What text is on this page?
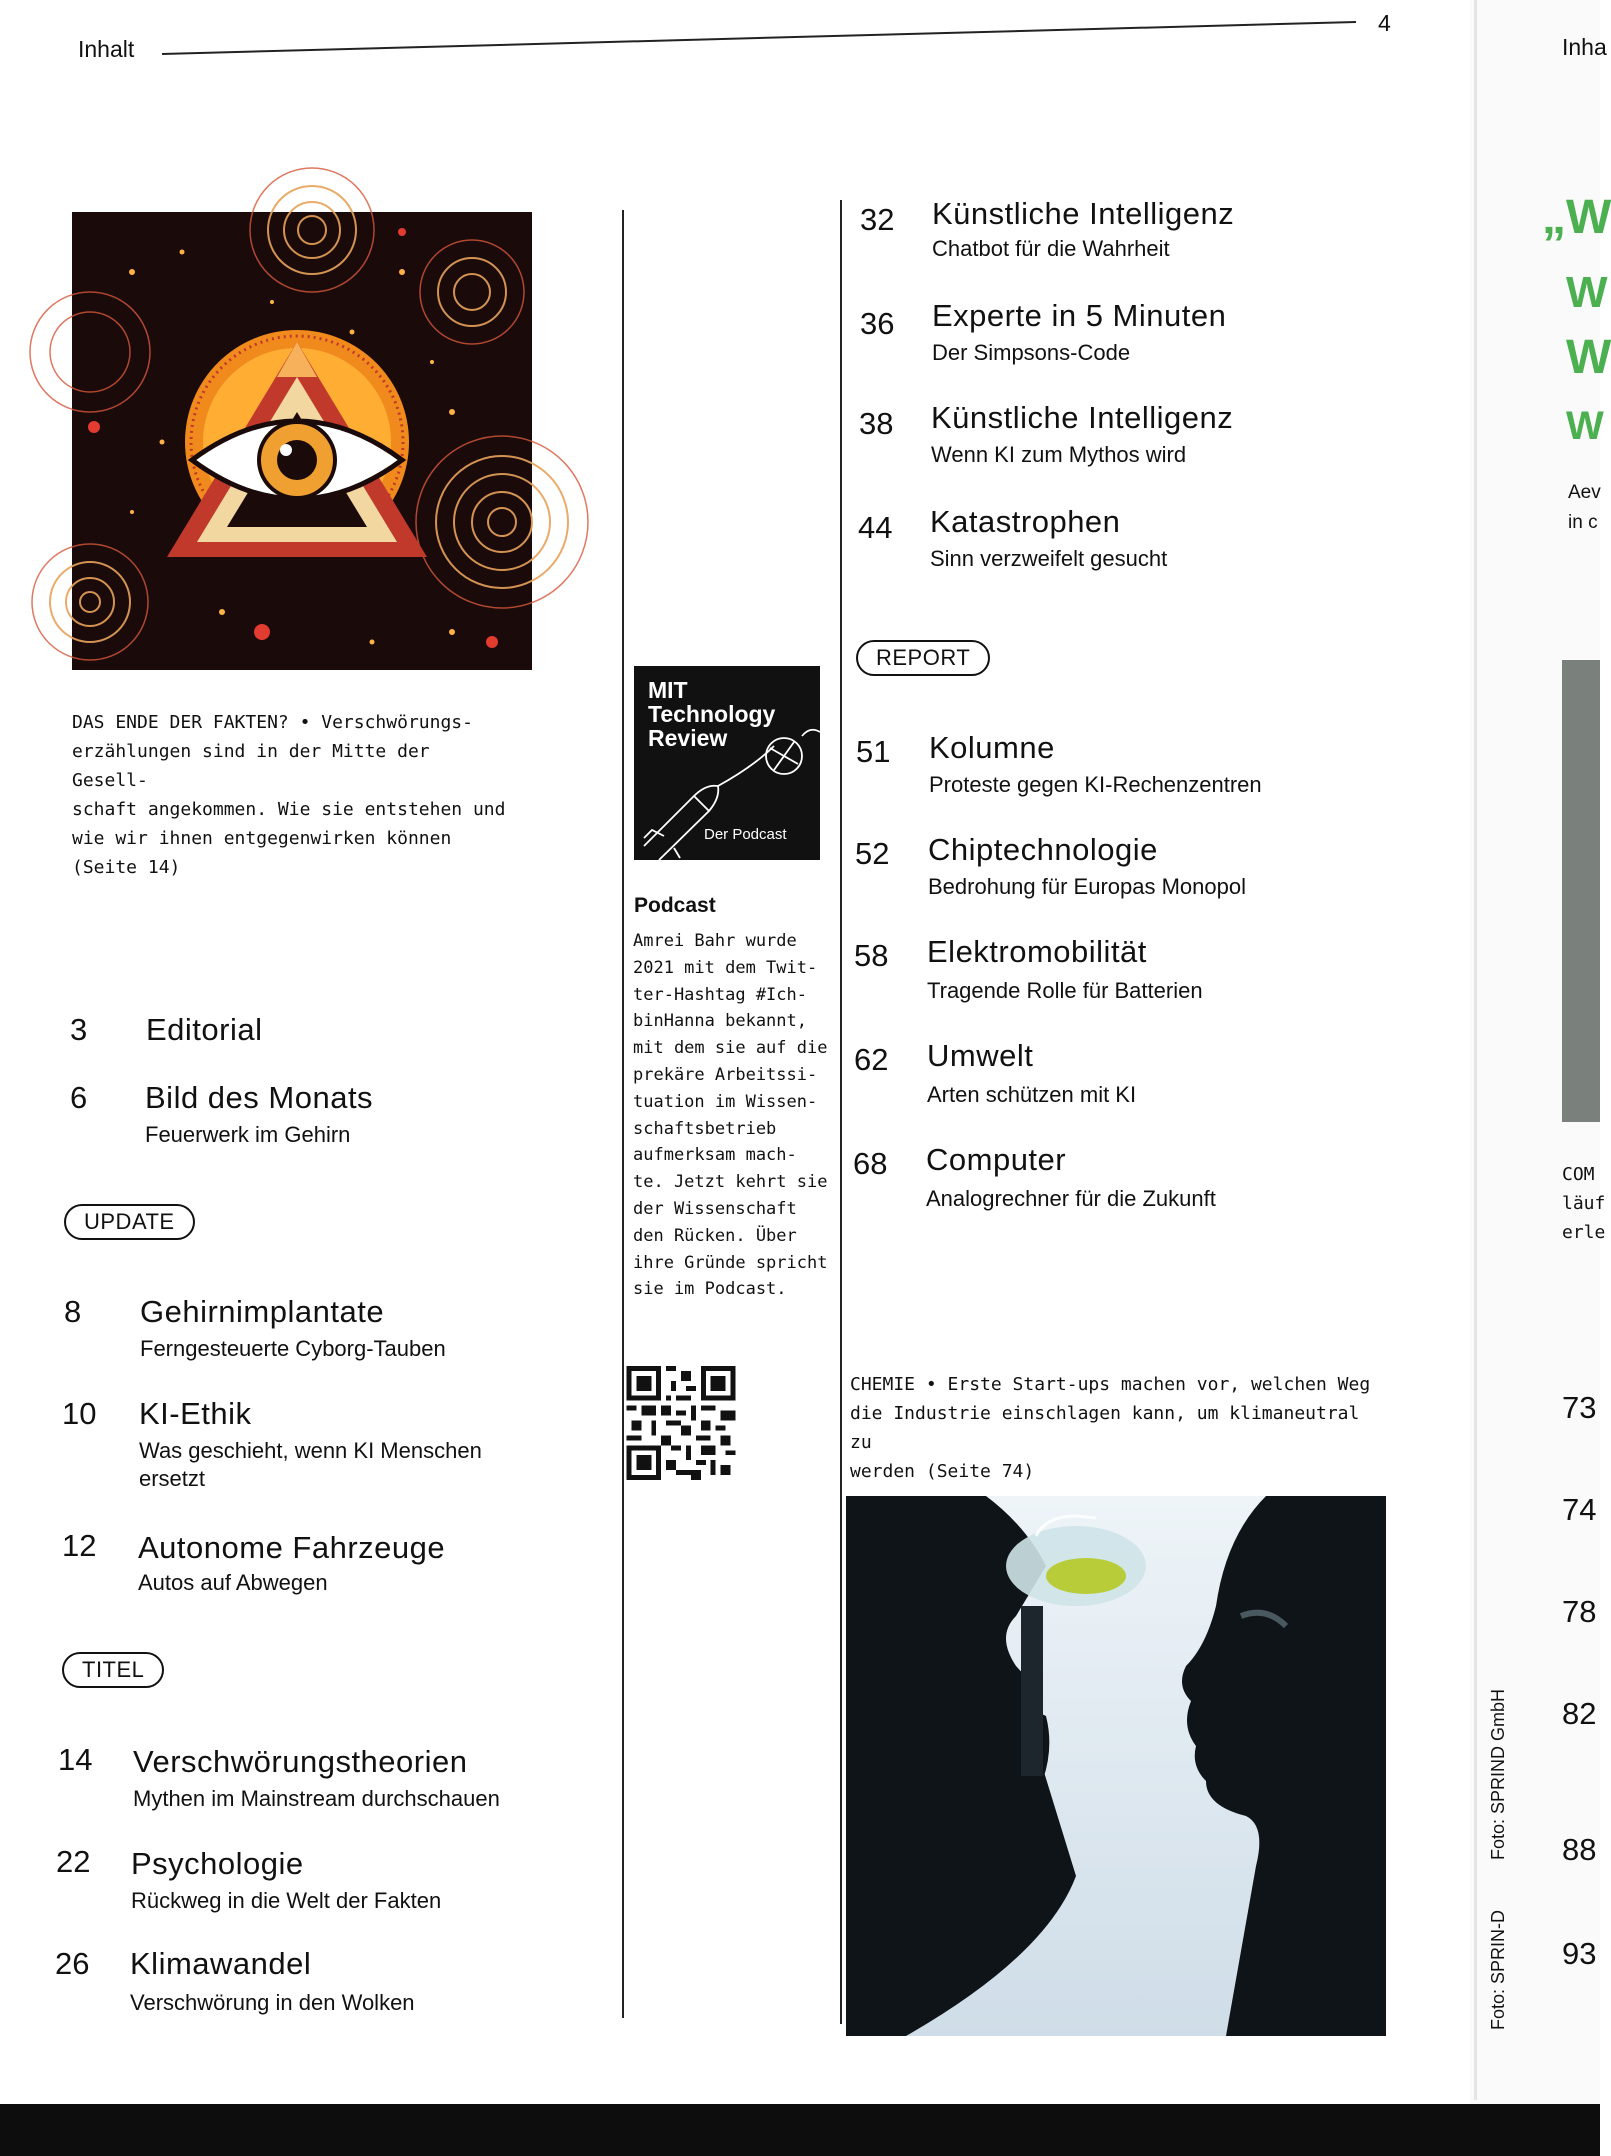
Inhalt
4
Inha
DAS ENDE DER FAKTEN? • Verschwörungs-
erzählungen sind in der Mitte der Gesell-
schaft angekommen. Wie sie entstehen und
wie wir ihnen entgegenwirken können
(Seite 14)
3 Editorial
6 Bild des Monats
Feuerwerk im Gehirn
UPDATE
8 Gehirnimplantate
Ferngesteuerte Cyborg-Tauben
10 KI-Ethik
Was geschieht, wenn KI Menschen
ersetzt
12 Autonome Fahrzeuge
Autos auf Abwegen
TITEL
14 Verschwörungstheorien
Mythen im Mainstream durchschauen
22 Psychologie
Rückweg in die Welt der Fakten
26 Klimawandel
Verschwörung in den Wolken
MIT
Technology
Review
Der Podcast
Podcast
Amrei Bahr wurde
2021 mit dem Twit-
ter-Hashtag #Ich-
binHanna bekannt,
mit dem sie auf die
prekäre Arbeitssi-
tuation im Wissen-
schaftsbetrieb
aufmerksam mach-
te. Jetzt kehrt sie
der Wissenschaft
den Rücken. Über
ihre Gründe spricht
sie im Podcast.
32 Künstliche Intelligenz
Chatbot für die Wahrheit
36 Experte in 5 Minuten
Der Simpsons-Code
38 Künstliche Intelligenz
Wenn KI zum Mythos wird
44 Katastrophen
Sinn verzweifelt gesucht
REPORT
51 Kolumne
Proteste gegen KI-Rechenzentren
52 Chiptechnologie
Bedrohung für Europas Monopol
58 Elektromobilität
Tragende Rolle für Batterien
62 Umwelt
Arten schützen mit KI
68 Computer
Analogrechner für die Zukunft
CHEMIE • Erste Start-ups machen vor, welchen Weg
die Industrie einschlagen kann, um klimaneutral zu
werden (Seite 74)
„W
W
W
W
Aev
in c
COM
läuf
erle
73
74
78
82
88
93
Foto: SPRIND GmbH
Foto: SPRIN-D
